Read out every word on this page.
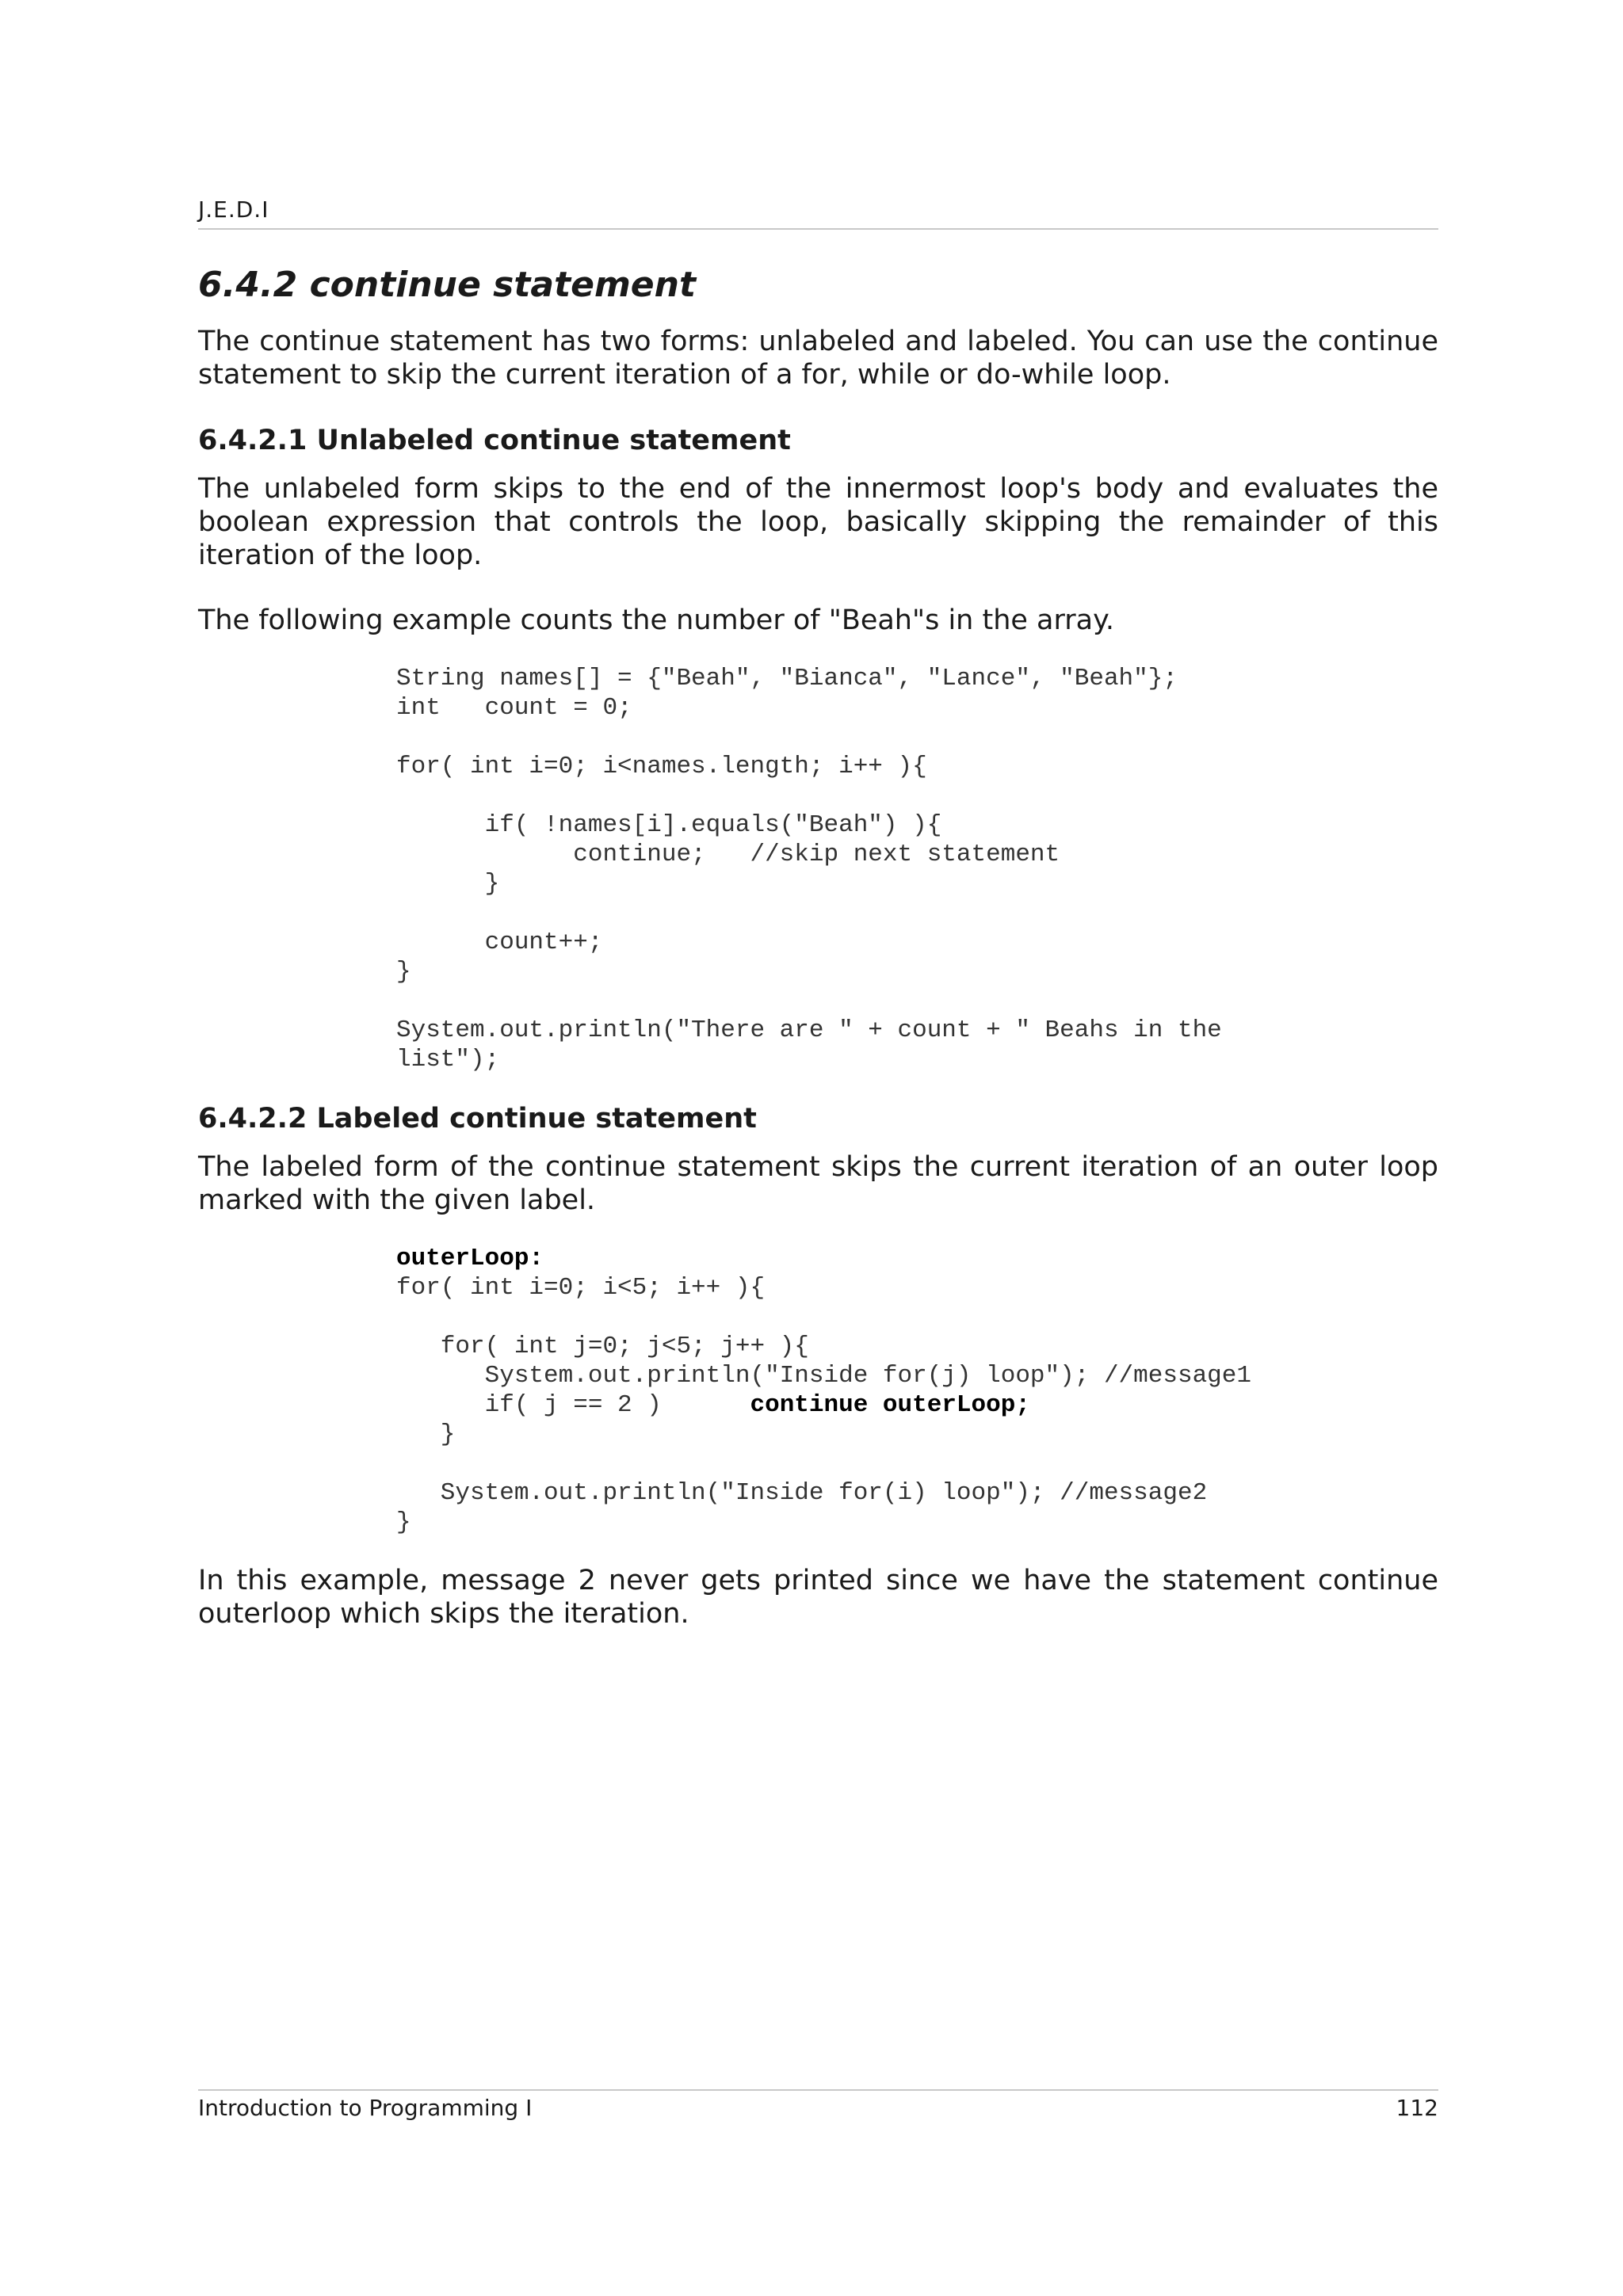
J.E.D.I
6.4.2 continue statement

The continue statement has two forms: unlabeled and labeled. You can use the continue statement to skip the current iteration of a for, while or do-while loop.

6.4.2.1 Unlabeled continue statement

The unlabeled form skips to the end of the innermost loop's body and evaluates the boolean expression that controls the loop, basically skipping the remainder of this iteration of the loop.

The following example counts the number of "Beah"s in the array.

String names[] = {"Beah", "Bianca", "Lance", "Beah"};
int   count = 0;

for( int i=0; i<names.length; i++ ){

if( !names[i].equals("Beah") ){
continue;   //skip next statement
}

count++;
}

System.out.println("There are " + count + " Beahs in the
list");
6.4.2.2 Labeled continue statement

The labeled form of the continue statement skips the current iteration of an outer loop marked with the given label.

outerLoop:
for( int i=0; i<5; i++ ){

for( int j=0; j<5; j++ ){
System.out.println("Inside for(j) loop"); //message1
if( j == 2 )	continue outerLoop;
}

System.out.println("Inside for(i) loop"); //message2
}

In this example, message 2 never gets printed since we have the statement continue outerloop which skips the iteration.

Introduction to Programming I	112
